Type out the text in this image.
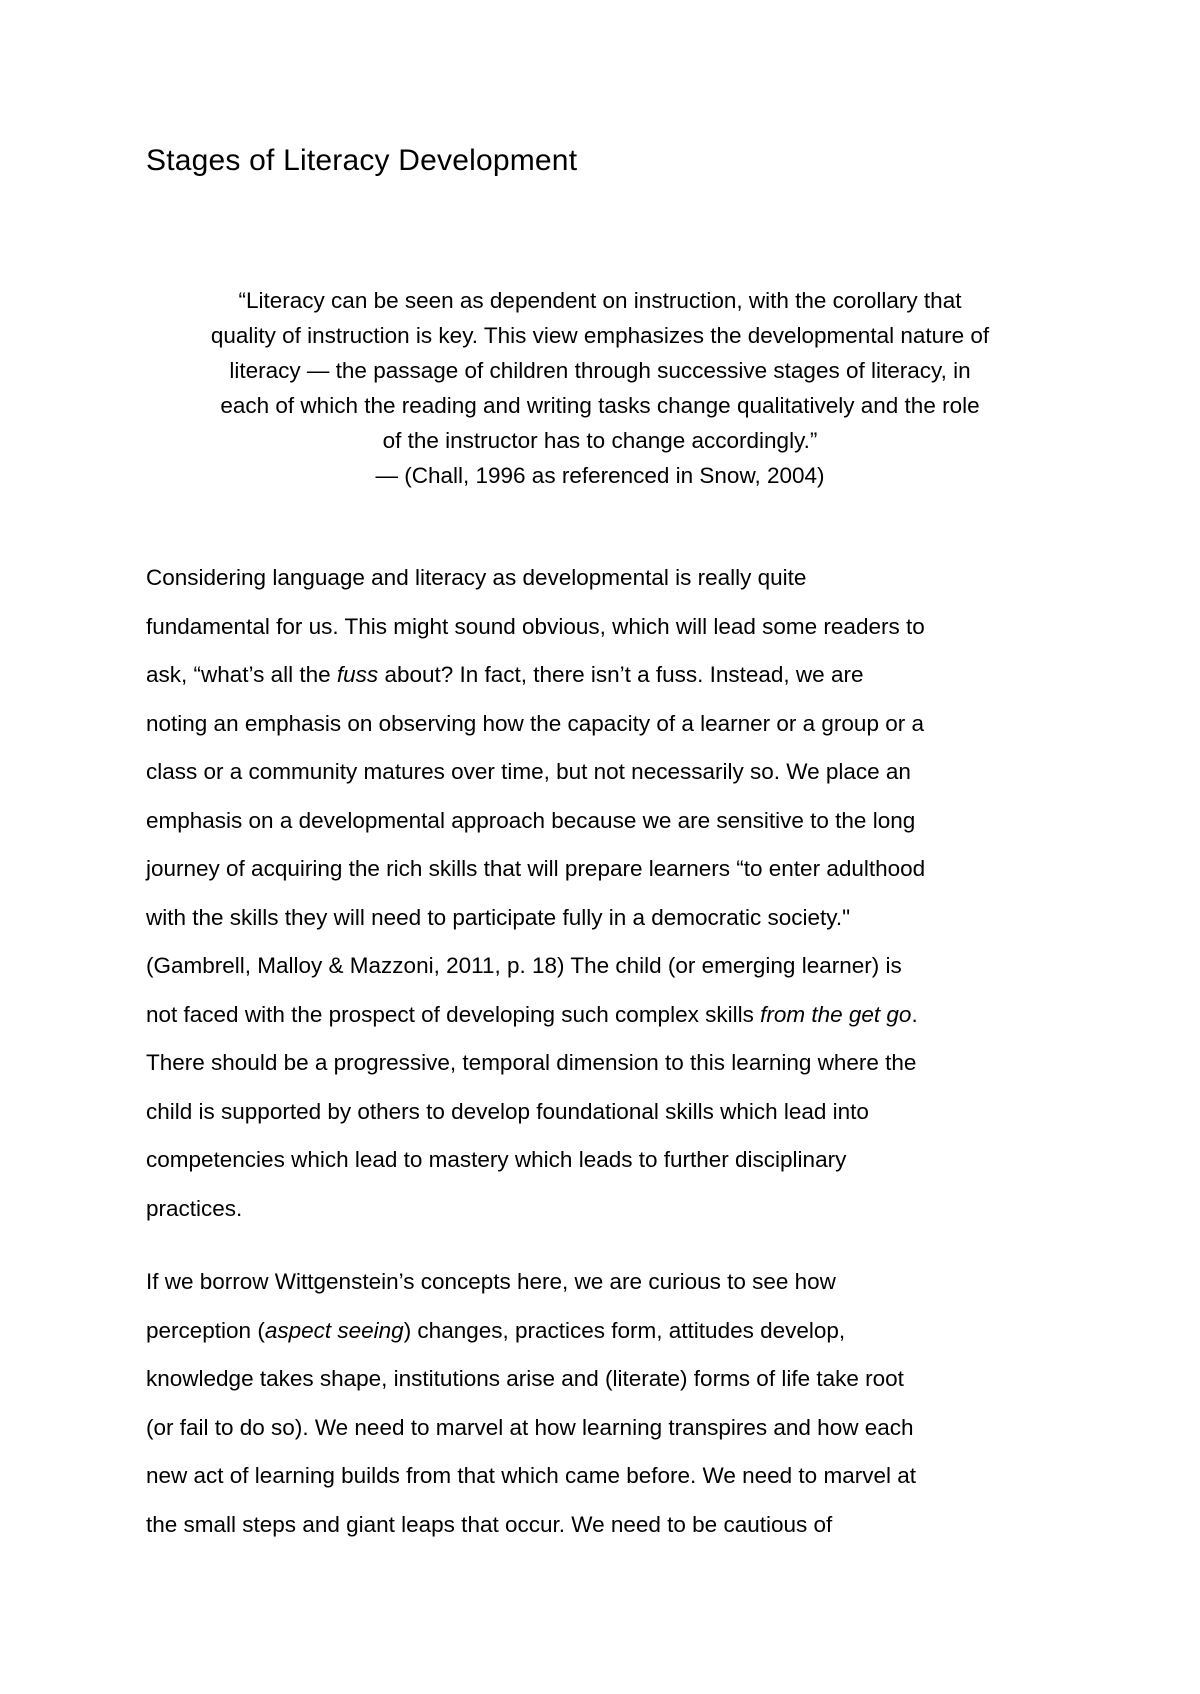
Stages of Literacy Development
“Literacy can be seen as dependent on instruction, with the corollary that
quality of instruction is key. This view emphasizes the developmental nature of
literacy — the passage of children through successive stages of literacy, in
each of which the reading and writing tasks change qualitatively and the role
of the instructor has to change accordingly.”
— (Chall, 1996 as referenced in Snow, 2004)
Considering language and literacy as developmental is really quite
fundamental for us. This might sound obvious, which will lead some readers to
ask, “what’s all the fuss about? In fact, there isn’t a fuss. Instead, we are
noting an emphasis on observing how the capacity of a learner or a group or a
class or a community matures over time, but not necessarily so. We place an
emphasis on a developmental approach because we are sensitive to the long
journey of acquiring the rich skills that will prepare learners “to enter adulthood
with the skills they will need to participate fully in a democratic society."
(Gambrell, Malloy & Mazzoni, 2011, p. 18) The child (or emerging learner) is
not faced with the prospect of developing such complex skills from the get go.
There should be a progressive, temporal dimension to this learning where the
child is supported by others to develop foundational skills which lead into
competencies which lead to mastery which leads to further disciplinary
practices.
If we borrow Wittgenstein’s concepts here, we are curious to see how
perception (aspect seeing) changes, practices form, attitudes develop,
knowledge takes shape, institutions arise and (literate) forms of life take root
(or fail to do so). We need to marvel at how learning transpires and how each
new act of learning builds from that which came before. We need to marvel at
the small steps and giant leaps that occur. We need to be cautious of
